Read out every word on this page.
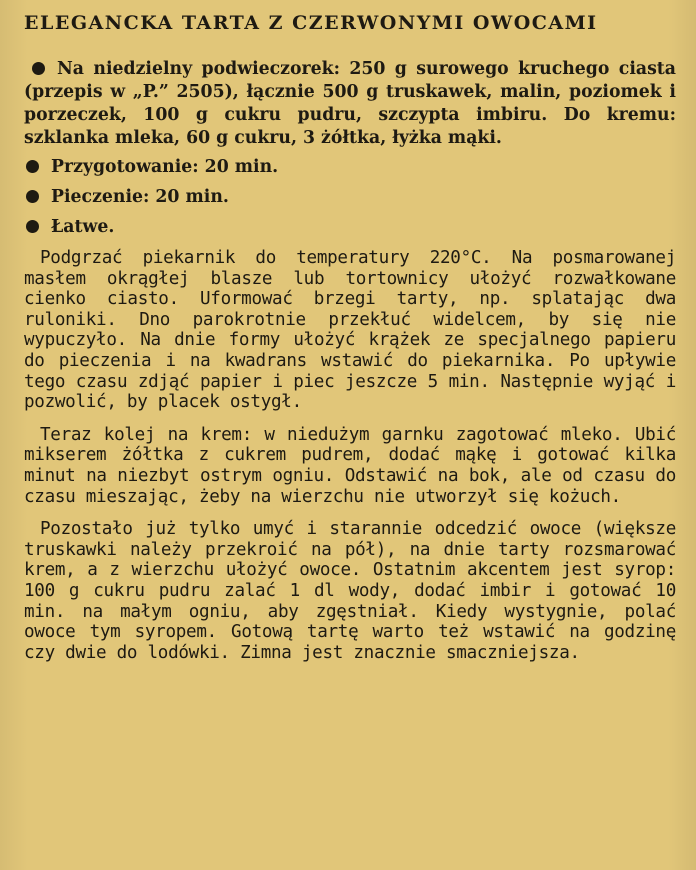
ELEGANCKA TARTA Z CZERWONYMI OWOCAMI

Na niedzielny podwieczorek: 250 g surowego kruchego ciasta (przepis w „P.” 2505), łącznie 500 g truskawek, malin, poziomek i porzeczek, 100 g cukru pudru, szczypta imbiru. Do kremu: szklanka mleka, 60 g cukru, 3 żółtka, łyżka mąki.

Przygotowanie: 20 min.
Pieczenie: 20 min.
Łatwe.

Podgrzać piekarnik do temperatury 220°C. Na posmarowanej masłem okrągłej blasze lub tortownicy ułożyć rozwałkowane cienko ciasto. Uformować brzegi tarty, np. splatając dwa ruloniki. Dno parokrotnie przekłuć widelcem, by się nie wypuczyło. Na dnie formy ułożyć krążek ze specjalnego papieru do pieczenia i na kwadrans wstawić do piekarnika. Po upływie tego czasu zdjąć papier i piec jeszcze 5 min. Następnie wyjąć i pozwolić, by placek ostygł.

Teraz kolej na krem: w niedużym garnku zagotować mleko. Ubić mikserem żółtka z cukrem pudrem, dodać mąkę i gotować kilka minut na niezbyt ostrym ogniu. Odstawić na bok, ale od czasu do czasu mieszając, żeby na wierzchu nie utworzył się kożuch.

Pozostało już tylko umyć i starannie odcedzić owoce (większe truskawki należy przekroić na pół), na dnie tarty rozsmarować krem, a z wierzchu ułożyć owoce. Ostatnim akcentem jest syrop: 100 g cukru pudru zalać 1 dl wody, dodać imbir i gotować 10 min. na małym ogniu, aby zgęstniał. Kiedy wystygnie, polać owoce tym syropem. Gotową tartę warto też wstawić na godzinę czy dwie do lodówki. Zimna jest znacznie smaczniejsza.
